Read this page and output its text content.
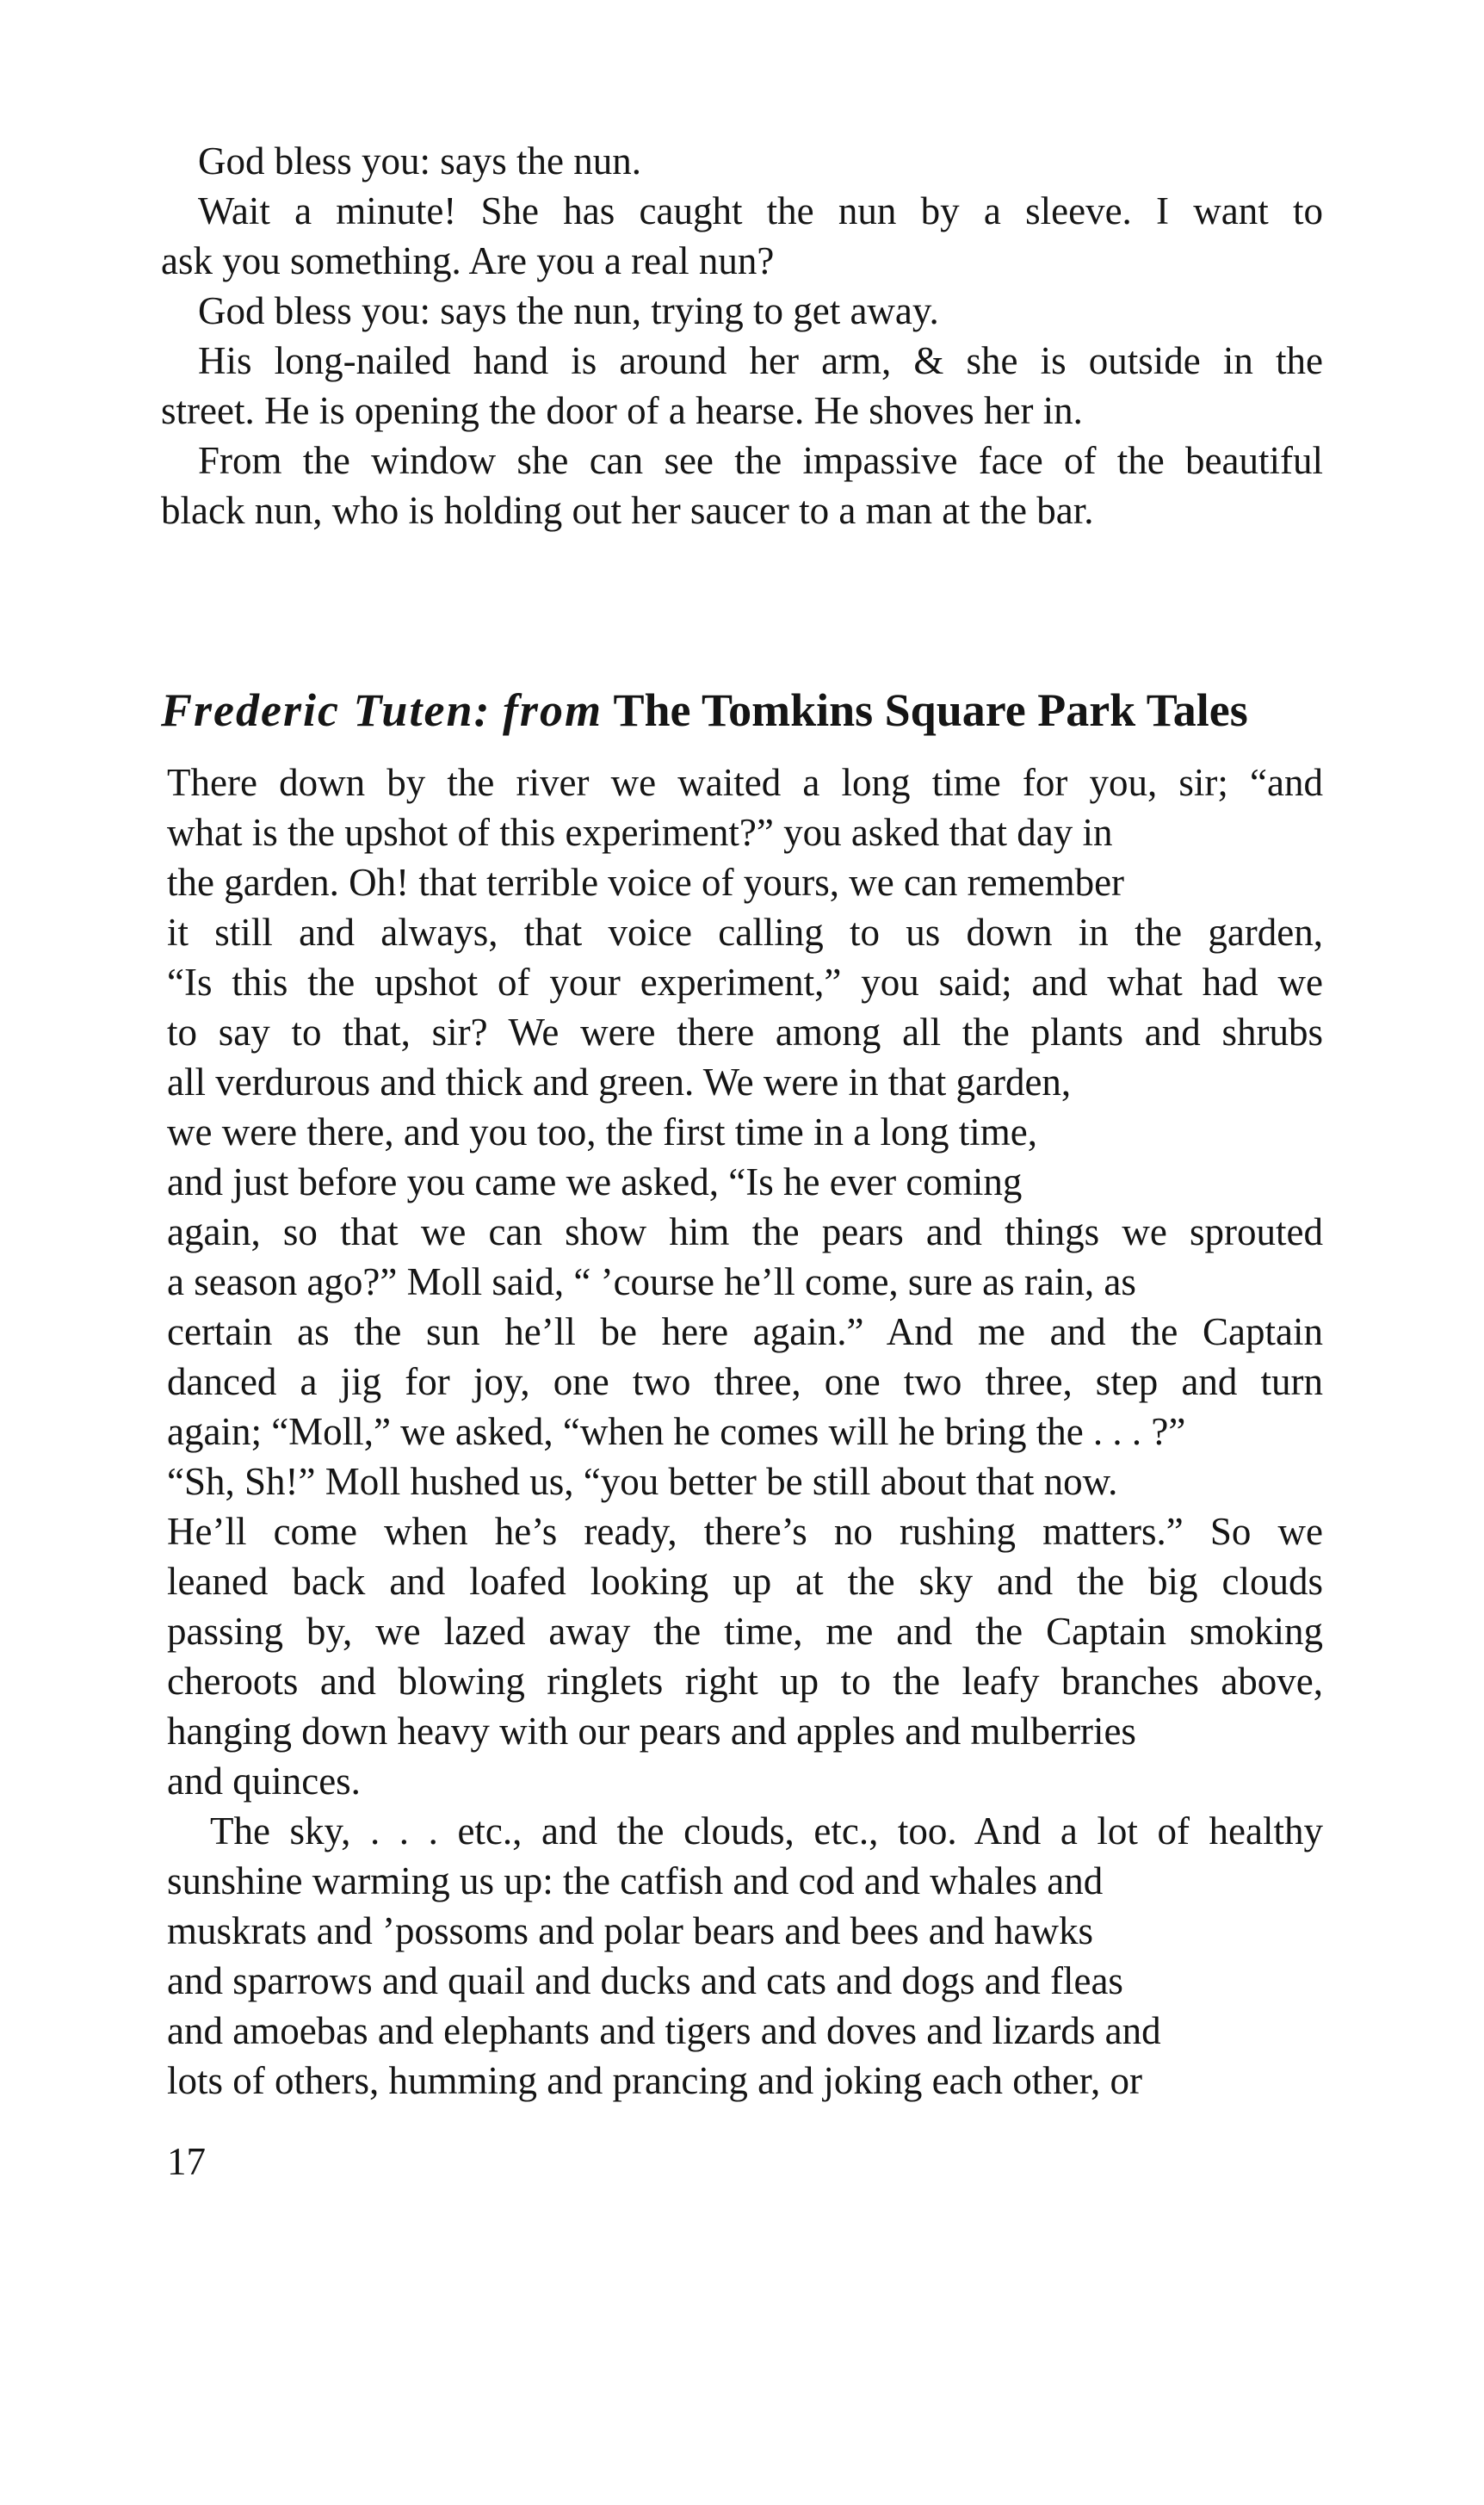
God bless you: says the nun.

Wait a minute! She has caught the nun by a sleeve. I want to

ask you something. Are you a real nun?

God bless you: says the nun, trying to get away.

His long-nailed hand is around her arm, & she is outside in the

street. He is opening the door of a hearse. He shoves her in.

From the window she can see the impassive face of the beautiful

black nun, who is holding out her saucer to a man at the bar.

Frederic Tuten: from The Tomkins Square Park Tales

There down by the river we waited a long time for you, sir; “and

what is the upshot of this experiment?” you asked that day in

the garden. Oh! that terrible voice of yours, we can remember

it still and always, that voice calling to us down in the garden,

“Is this the upshot of your experiment,” you said; and what had we

to say to that, sir? We were there among all the plants and shrubs

all verdurous and thick and green. We were in that garden,

we were there, and you too, the first time in a long time,

and just before you came we asked, “Is he ever coming

again, so that we can show him the pears and things we sprouted

a season ago?” Moll said, “ ’course he’ll come, sure as rain, as

certain as the sun he’ll be here again.” And me and the Captain

danced a jig for joy, one two three, one two three, step and turn

again; “Moll,” we asked, “when he comes will he bring the . . . ?”

“Sh, Sh!” Moll hushed us, “you better be still about that now.

He’ll come when he’s ready, there’s no rushing matters.” So we

leaned back and loafed looking up at the sky and the big clouds

passing by, we lazed away the time, me and the Captain smoking

cheroots and blowing ringlets right up to the leafy branches above,

hanging down heavy with our pears and apples and mulberries

and quinces.

The sky, . . . etc., and the clouds, etc., too. And a lot of healthy

sunshine warming us up: the catfish and cod and whales and

muskrats and ’possoms and polar bears and bees and hawks

and sparrows and quail and ducks and cats and dogs and fleas

and amoebas and elephants and tigers and doves and lizards and

lots of others, humming and prancing and joking each other, or

17
